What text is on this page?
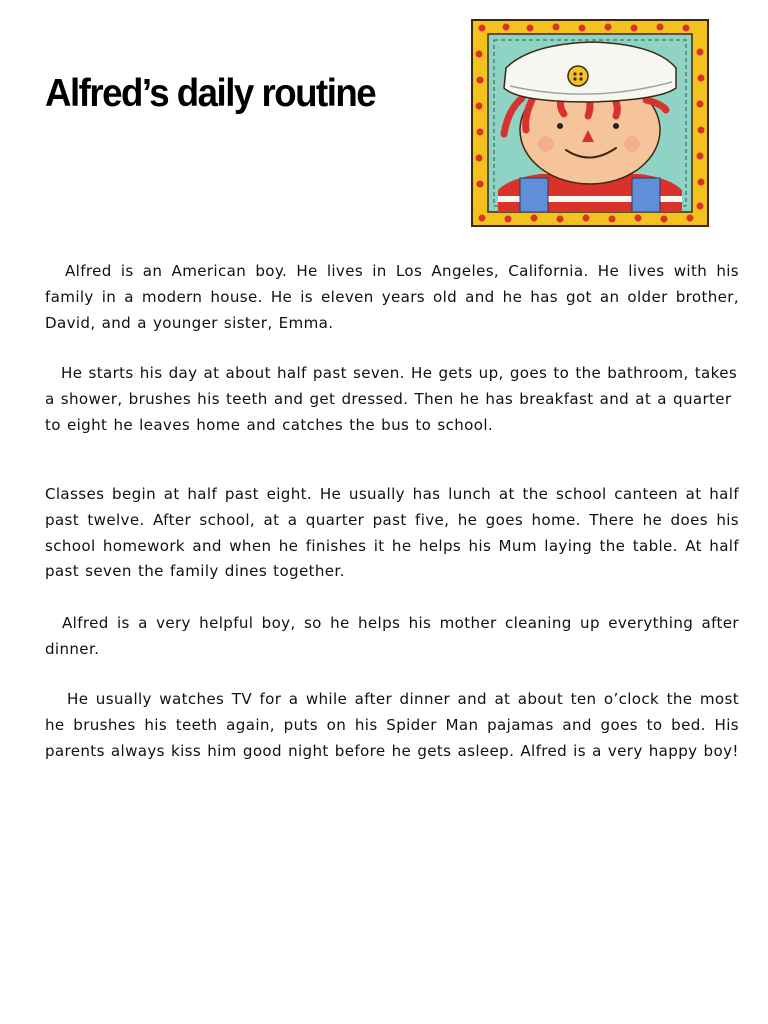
Alfred’s daily routine

Alfred is an American boy. He lives in Los Angeles, California. He lives with his family in a modern house. He is eleven years old and he has got an older brother, David, and a younger sister, Emma.

He starts his day at about half past seven. He gets up, goes to the bathroom, takes a shower, brushes his teeth and get dressed. Then he has breakfast and at a quarter to eight he leaves home and catches the bus to school.

Classes begin at half past eight. He usually has lunch at the school canteen at half past twelve. After school, at a quarter past five, he goes home. There he does his school homework and when he finishes it he helps his Mum laying the table. At half past seven the family dines together.

Alfred is a very helpful boy, so he helps his mother cleaning up everything after dinner.

He usually watches TV for a while after dinner and at about ten o’clock the most he brushes his teeth again, puts on his Spider Man pajamas and goes to bed. His parents always kiss him good night before he gets asleep. Alfred is a very happy boy!
